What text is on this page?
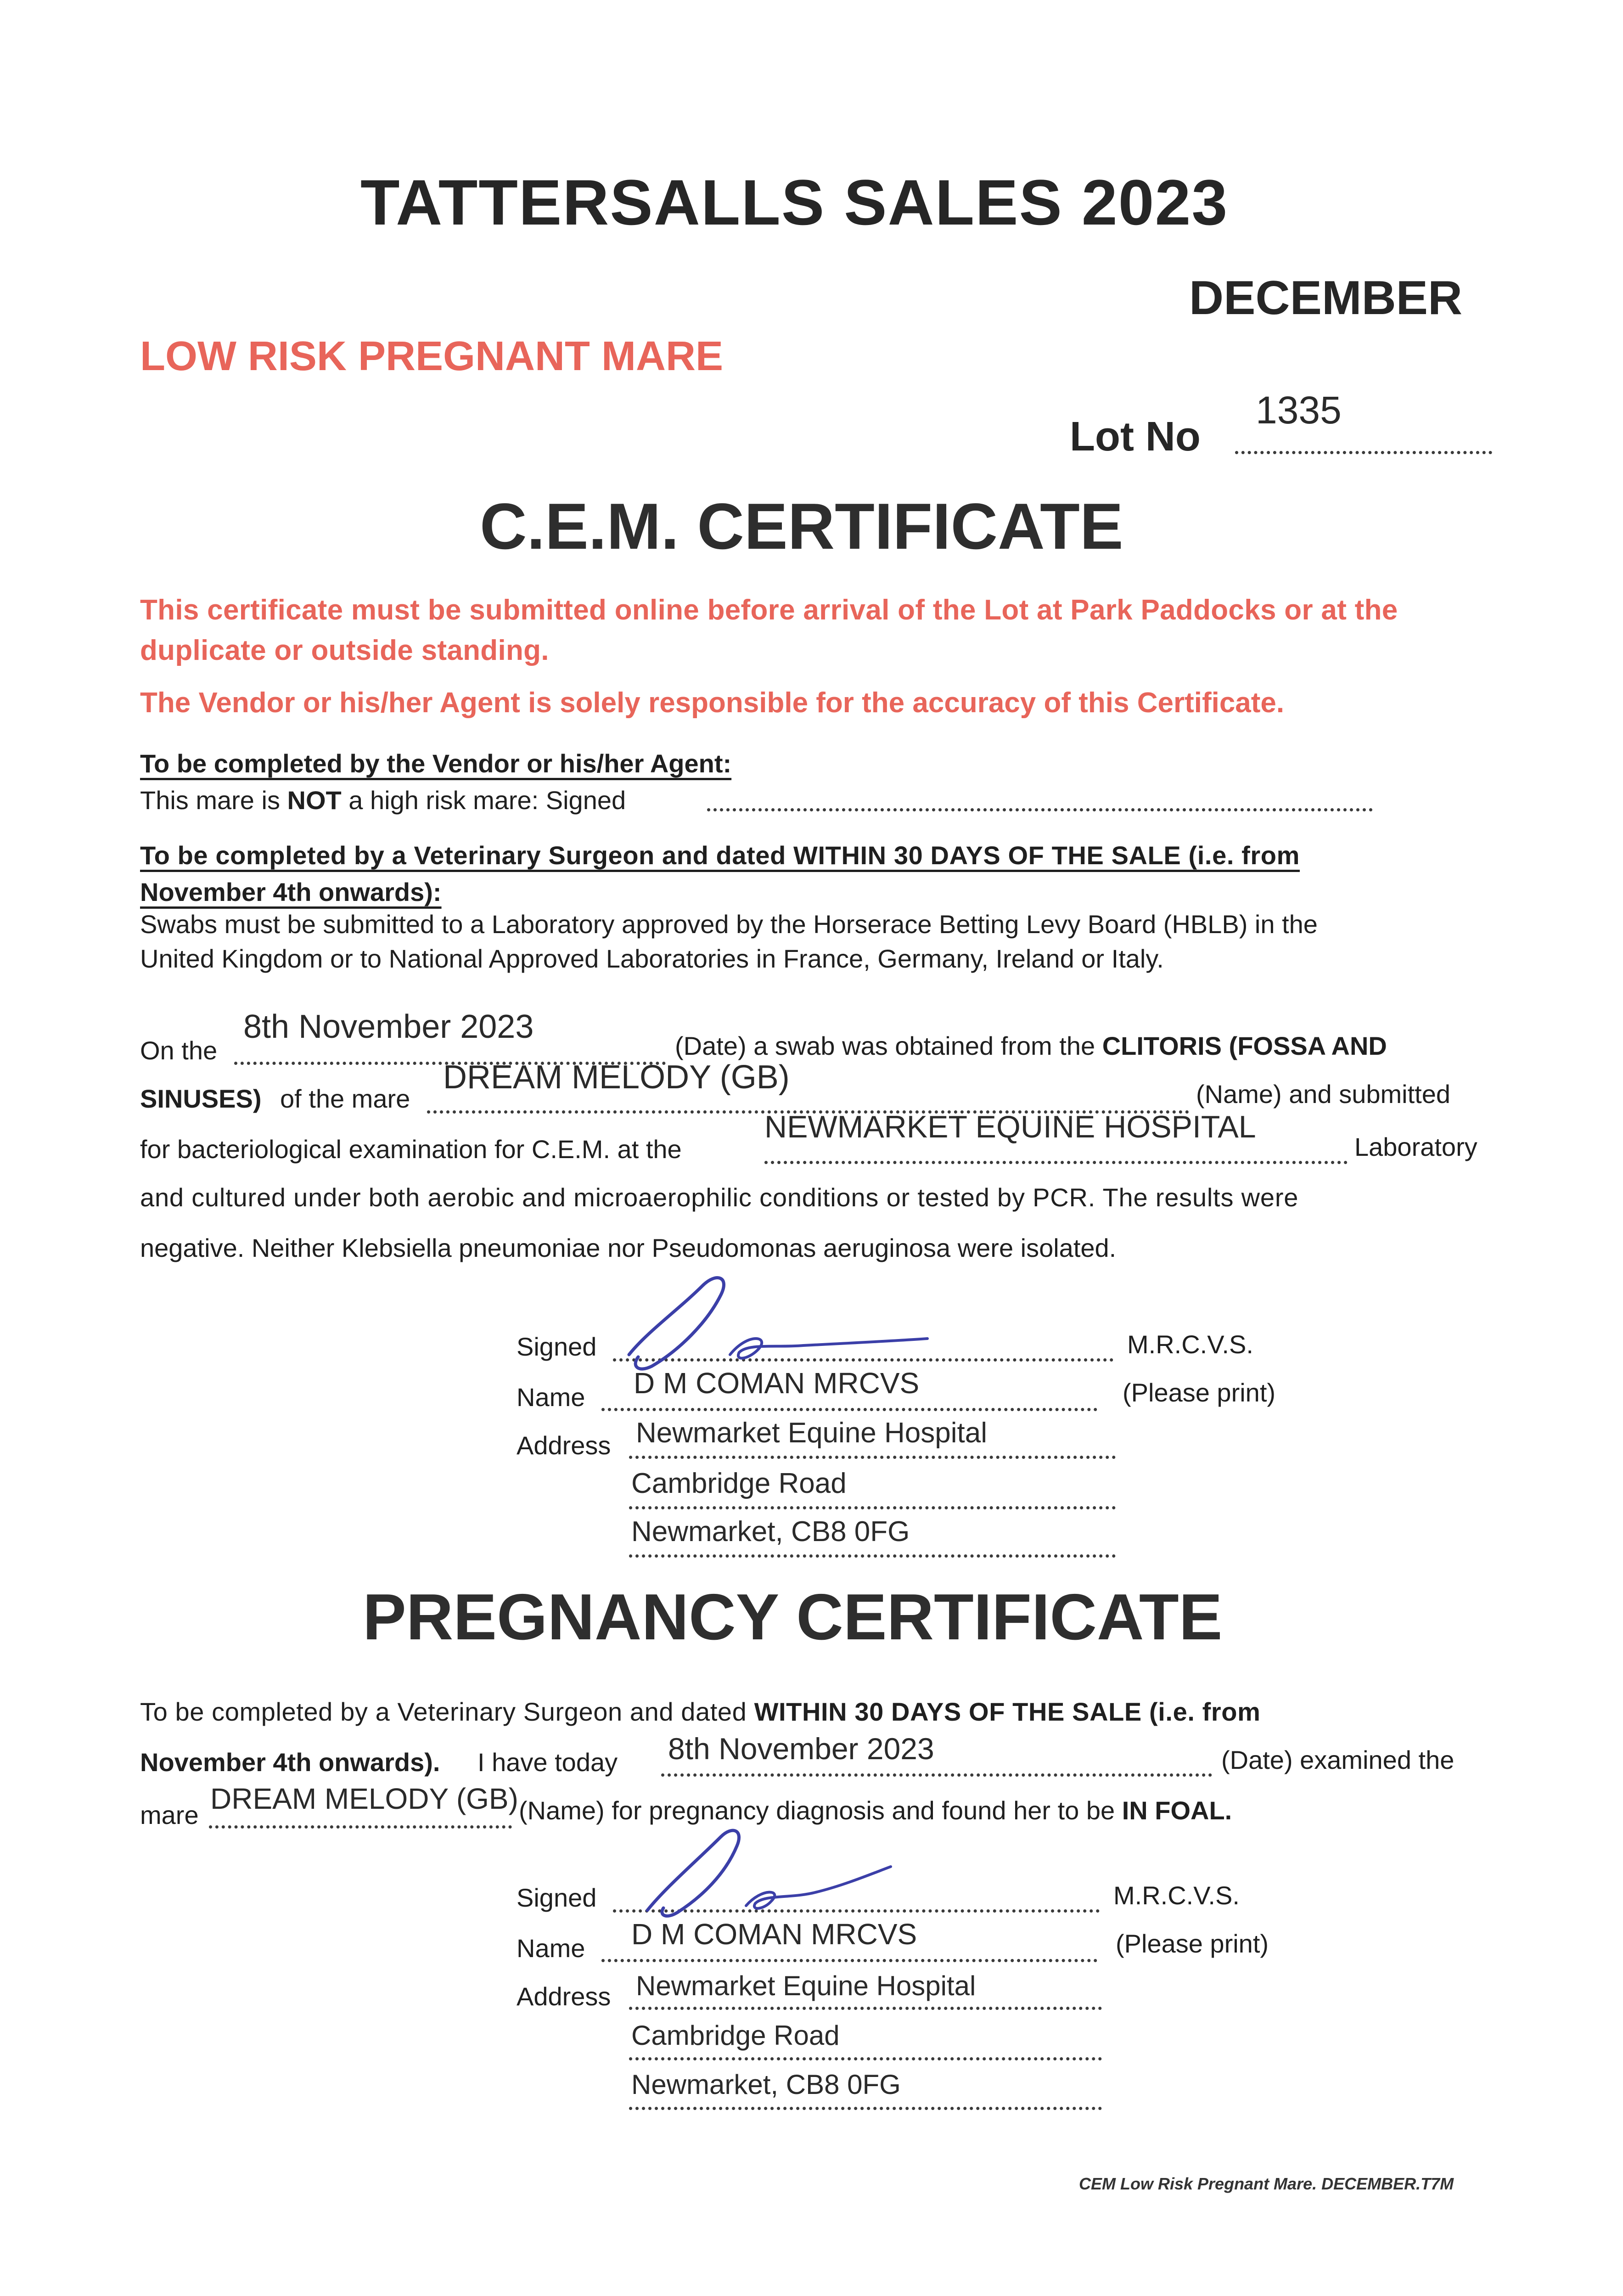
TATTERSALLS SALES 2023
DECEMBER
LOW RISK PREGNANT MARE
Lot No
1335
C.E.M. CERTIFICATE
This certificate must be submitted online before arrival of the Lot at Park Paddocks or at the duplicate or outside standing.
The Vendor or his/her Agent is solely responsible for the accuracy of this Certificate.
To be completed by the Vendor or his/her Agent:
This mare is NOT a high risk mare: Signed
To be completed by a Veterinary Surgeon and dated WITHIN 30 DAYS OF THE SALE (i.e. from
November 4th onwards):
Swabs must be submitted to a Laboratory approved by the Horserace Betting Levy Board (HBLB) in the
United Kingdom or to National Approved Laboratories in France, Germany, Ireland or Italy.
On the
8th November 2023
(Date) a swab was obtained from the CLITORIS (FOSSA AND
SINUSES) of the mare
DREAM MELODY (GB)	(Name) and submitted
for bacteriological examination for C.E.M. at the
NEWMARKET EQUINE HOSPITAL
Laboratory
and cultured under both aerobic and microaerophilic conditions or tested by PCR. The results were
negative. Neither Klebsiella pneumoniae nor Pseudomonas aeruginosa were isolated.
Signed	M.R.C.V.S.
Name D M COMAN MRCVS	(Please print)
Address Newmarket Equine Hospital
Cambridge Road
Newmarket, CB8 0FG
PREGNANCY CERTIFICATE
To be completed by a Veterinary Surgeon and dated WITHIN 30 DAYS OF THE SALE (i.e. from
November 4th onwards). I have today 8th November 2023	(Date) examined the
mare DREAM MELODY (GB) (Name) for pregnancy diagnosis and found her to be IN FOAL.
Signed	M.R.C.V.S.
Name D M COMAN MRCVS	(Please print)
Address Newmarket Equine Hospital
Cambridge Road
Newmarket, CB8 0FG
CEM Low Risk Pregnant Mare. DECEMBER.T7M
